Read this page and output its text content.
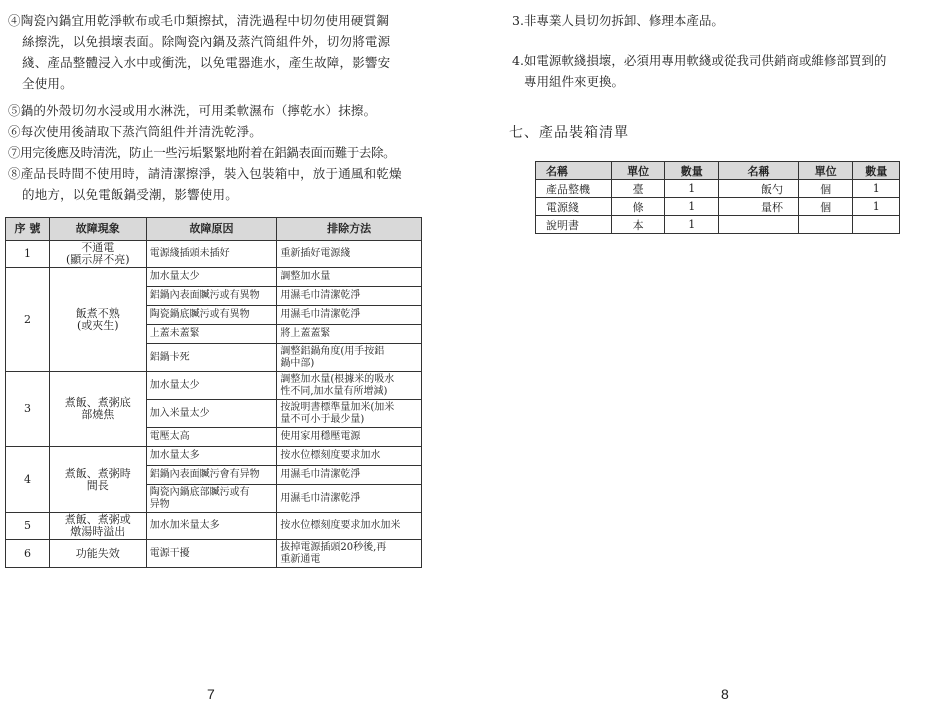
④陶瓷內鍋宜用乾淨軟布或毛巾類擦拭，清洗過程中切勿使用硬質鋼
絲擦洗，以免損壞表面。除陶瓷內鍋及蒸汽筒組件外，切勿將電源
綫、產品整體浸入水中或衝洗，以免電器進水，產生故障，影響安
全使用。
⑤鍋的外殼切勿水浸或用水淋洗，可用柔軟濕布（擰乾水）抹擦。
⑥每次使用後請取下蒸汽筒組件并清洗乾淨。
⑦用完後應及時清洗，防止一些污垢緊緊地附着在鋁鍋表面而難于去除。
⑧產品長時間不使用時，請清潔擦淨，裝入包裝箱中，放于通風和乾燥
的地方，以免電飯鍋受潮，影響使用。
序 號	故障現象	故障原因	排除方法
1	不通電
(顯示屏不亮)	電源綫插頭未插好	重新插好電源綫
2	飯煮不熟
(或夾生)	加水量太少	調整加水量
		鋁鍋內表面贓污或有異物	用濕毛巾清潔乾淨
		陶瓷鍋底贓污或有異物	用濕毛巾清潔乾淨
		上蓋未蓋緊	將上蓋蓋緊
		鋁鍋卡死	調整鋁鍋角度(用手按鋁
鍋中部)
3	煮飯、煮粥底
部燒焦	加水量太少	調整加水量(根據米的吸水
性不同,加水量有所增減)
		加入米量太少	按說明書標準量加米(加米
量不可小于最少量)
		電壓太高	使用家用穩壓電源
4	煮飯、煮粥時
間長	加水量太多	按水位標刻度要求加水
		鋁鍋內表面贓污會有异物	用濕毛巾清潔乾淨
		陶瓷內鍋底部贓污或有
异物	用濕毛巾清潔乾淨
5	煮飯、煮粥或
燉湯時溢出	加水加米量太多	按水位標刻度要求加水加米
6	功能失效	電源干擾	拔掉電源插頭20秒後,再
重新通電
7
3.非專業人員切勿拆卸、修理本產品。
4.如電源軟綫損壞，必須用專用軟綫或從我司供銷商或維修部買到的
專用組件來更換。
七、產品裝箱清單
名稱	單位	數量	名稱	單位	數量
產品整機	臺	1	飯勺	個	1
電源綫	條	1	量杯	個	1
說明書	本	1			
8
